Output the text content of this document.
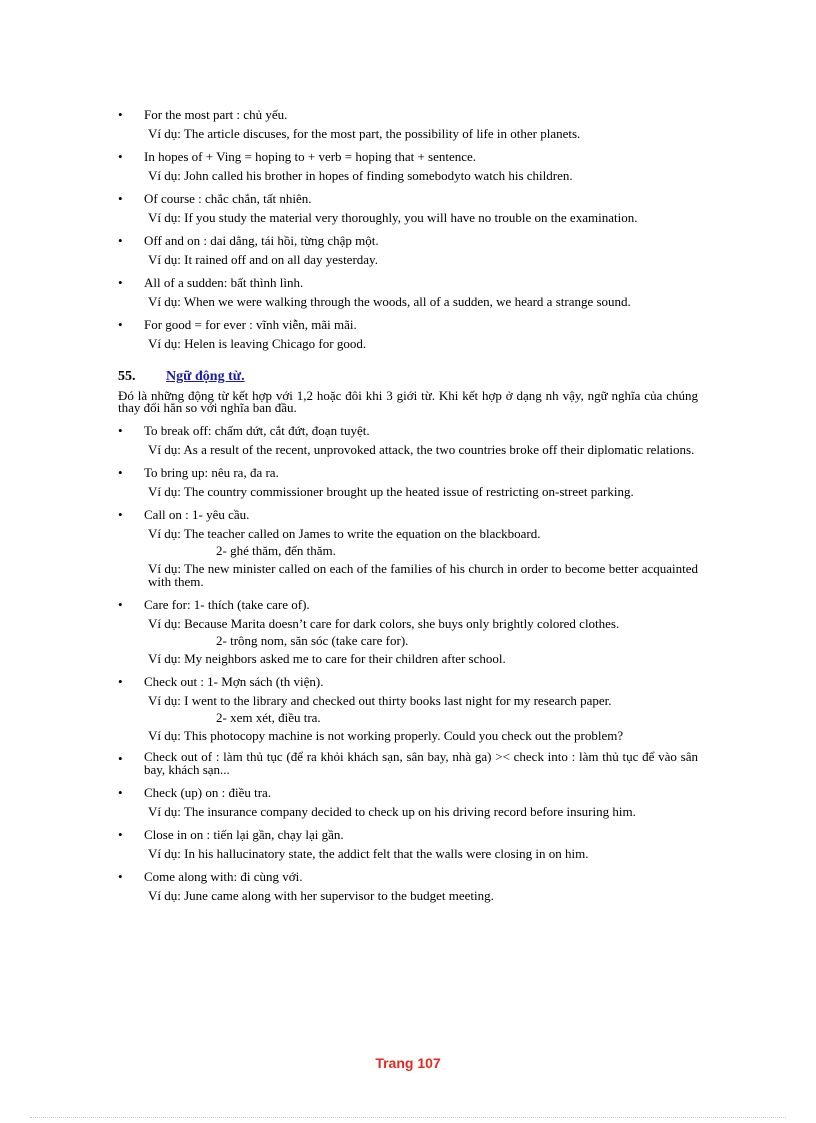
• For the most part : chủ yếu.
Ví dụ: The article discuses, for the most part, the possibility of life in other planets.
• In hopes of + Ving = hoping to + verb = hoping that + sentence.
Ví dụ: John called his brother in hopes of finding somebodyto watch his children.
• Of course : chắc chắn, tất nhiên.
Ví dụ: If you study the material very thoroughly, you will have no trouble on the examination.
• Off and on : dai dẳng, tái hồi, từng chập một.
Ví dụ: It rained off and on all day yesterday.
• All of a sudden: bất thình lình.
Ví dụ: When we were walking through the woods, all of a sudden, we heard a strange sound.
• For good = for ever : vĩnh viễn, mãi mãi.
Ví dụ: Helen is leaving Chicago for good.
55. Ngữ động từ.
Đó là những động từ kết hợp với 1,2 hoặc đôi khi 3 giới từ. Khi kết hợp ở dạng nh vậy, ngữ nghĩa của chúng thay đổi hẳn so với nghĩa ban đầu.
• To break off: chấm dứt, cắt đứt, đoạn tuyệt.
Ví dụ: As a result of the recent, unprovoked attack, the two countries broke off their diplomatic relations.
• To bring up: nêu ra, đa ra.
Ví dụ: The country commissioner brought up the heated issue of restricting on-street parking.
• Call on : 1- yêu cầu.
Ví dụ: The teacher called on James to write the equation on the blackboard.
2- ghé thăm, đến thăm.
Ví dụ: The new minister called on each of the families of his church in order to become better acquainted with them.
• Care for: 1- thích (take care of).
Ví dụ: Because Marita doesn’t care for dark colors, she buys only brightly colored clothes.
2- trông nom, săn sóc (take care for).
Ví dụ: My neighbors asked me to care for their children after school.
• Check out : 1- Mợn sách (th viện).
Ví dụ: I went to the library and checked out thirty books last night for my research paper.
2- xem xét, điều tra.
Ví dụ: This photocopy machine is not working properly. Could you check out the problem?
• Check out of : làm thủ tục (để ra khỏi khách sạn, sân bay, nhà ga) >< check into : làm thủ tục để vào sân bay, khách sạn...
• Check (up) on : điều tra.
Ví dụ: The insurance company decided to check up on his driving record before insuring him.
• Close in on : tiến lại gần, chạy lại gần.
Ví dụ: In his hallucinatory state, the addict felt that the walls were closing in on him.
• Come along with: đi cùng với.
Ví dụ: June came along with her supervisor to the budget meeting.
Trang 107
